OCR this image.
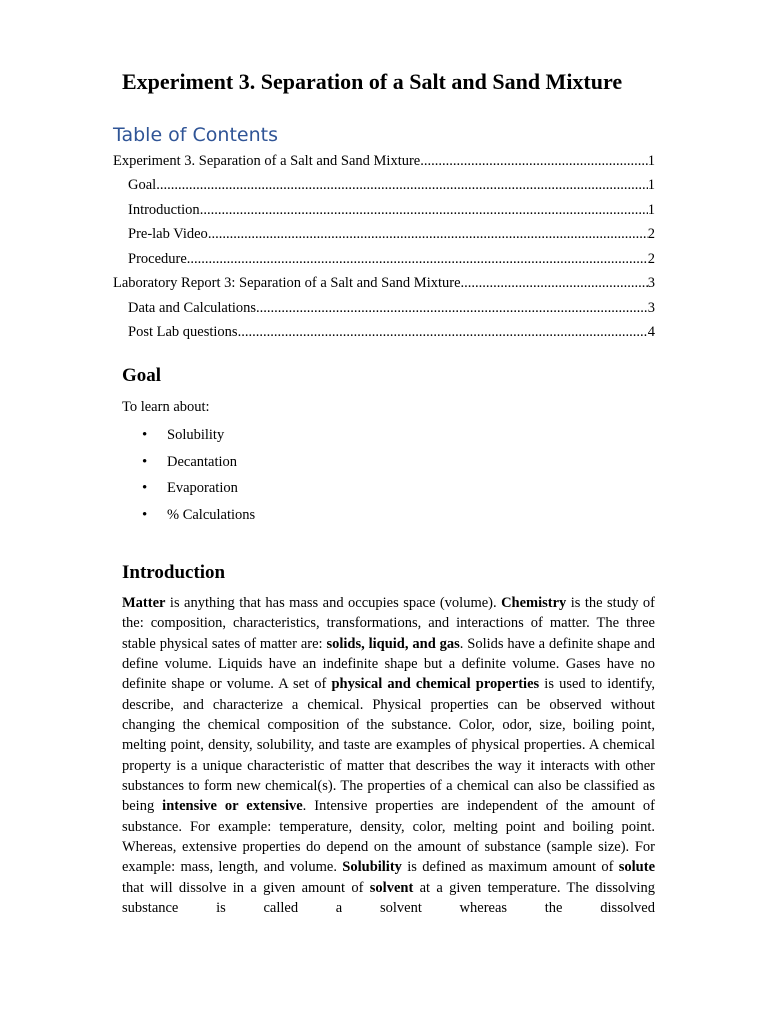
Experiment 3. Separation of a Salt and Sand Mixture
Table of Contents
Experiment 3. Separation of a Salt and Sand Mixture .....	1
Goal .....	1
Introduction .....	1
Pre-lab Video .....	2
Procedure .....	2
Laboratory Report 3: Separation of a Salt and Sand Mixture .....	3
Data and Calculations .....	3
Post Lab questions .....	4
Goal

To learn about:

• Solubility
• Decantation
• Evaporation
• % Calculations
Introduction

Matter is anything that has mass and occupies space (volume). Chemistry is the study of the: composition, characteristics, transformations, and interactions of matter. The three stable physical sates of matter are: solids, liquid, and gas. Solids have a definite shape and define volume. Liquids have an indefinite shape but a definite volume. Gases have no definite shape or volume. A set of physical and chemical properties is used to identify, describe, and characterize a chemical. Physical properties can be observed without changing the chemical composition of the substance. Color, odor, size, boiling point, melting point, density, solubility, and taste are examples of physical properties. A chemical property is a unique characteristic of matter that describes the way it interacts with other substances to form new chemical(s). The properties of a chemical can also be classified as being intensive or extensive. Intensive properties are independent of the amount of substance. For example: temperature, density, color, melting point and boiling point. Whereas, extensive properties do depend on the amount of substance (sample size). For example: mass, length, and volume. Solubility is defined as maximum amount of solute that will dissolve in a given amount of solvent at a given temperature. The dissolving substance is called a solvent whereas the dissolved
